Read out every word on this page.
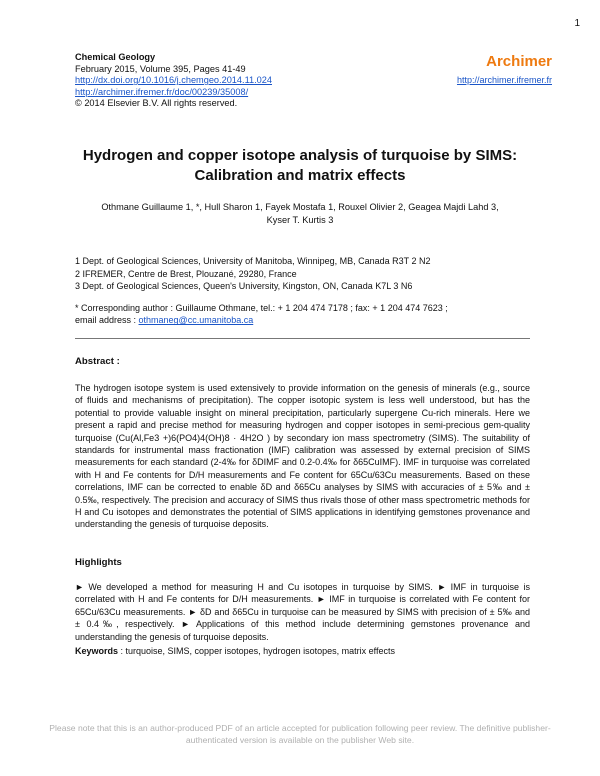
1
Chemical Geology
February 2015, Volume 395, Pages 41-49
http://dx.doi.org/10.1016/j.chemgeo.2014.11.024
http://archimer.ifremer.fr/doc/00239/35008/
© 2014 Elsevier B.V. All rights reserved.
Archimer
http://archimer.ifremer.fr
Hydrogen and copper isotope analysis of turquoise by SIMS: Calibration and matrix effects
Othmane Guillaume 1, *, Hull Sharon 1, Fayek Mostafa 1, Rouxel Olivier 2, Geagea Majdi Lahd 3,
Kyser T. Kurtis 3
1 Dept. of Geological Sciences, University of Manitoba, Winnipeg, MB, Canada R3T 2 N2
2 IFREMER, Centre de Brest, Plouzané, 29280, France
3 Dept. of Geological Sciences, Queen's University, Kingston, ON, Canada K7L 3 N6
* Corresponding author : Guillaume Othmane, tel.: + 1 204 474 7178 ; fax: + 1 204 474 7623 ;
email address : othmaneg@cc.umanitoba.ca
Abstract :
The hydrogen isotope system is used extensively to provide information on the genesis of minerals (e.g., source of fluids and mechanisms of precipitation). The copper isotopic system is less well understood, but has the potential to provide valuable insight on mineral precipitation, particularly supergene Cu-rich minerals. Here we present a rapid and precise method for measuring hydrogen and copper isotopes in semi-precious gem-quality turquoise (Cu(Al,Fe3 +)6(PO4)4(OH)8 · 4H2O ) by secondary ion mass spectrometry (SIMS). The suitability of standards for instrumental mass fractionation (IMF) calibration was assessed by external precision of SIMS measurements for each standard (2-4‰ for δDIMF and 0.2-0.4‰ for δ65CuIMF). IMF in turquoise was correlated with H and Fe contents for D/H measurements and Fe content for 65Cu/63Cu measurements. Based on these correlations, IMF can be corrected to enable δD and δ65Cu analyses by SIMS with accuracies of ± 5‰ and ± 0.5‰, respectively. The precision and accuracy of SIMS thus rivals those of other mass spectrometric methods for H and Cu isotopes and demonstrates the potential of SIMS applications in identifying gemstones provenance and understanding the genesis of turquoise deposits.
Highlights
► We developed a method for measuring H and Cu isotopes in turquoise by SIMS. ► IMF in turquoise is correlated with H and Fe contents for D/H measurements. ► IMF in turquoise is correlated with Fe content for 65Cu/63Cu measurements. ► δD and δ65Cu in turquoise can be measured by SIMS with precision of ± 5‰ and ± 0.4‰, respectively. ► Applications of this method include determining gemstones provenance and understanding the genesis of turquoise deposits.
Keywords : turquoise, SIMS, copper isotopes, hydrogen isotopes, matrix effects
Please note that this is an author-produced PDF of an article accepted for publication following peer review. The definitive publisher-authenticated version is available on the publisher Web site.
